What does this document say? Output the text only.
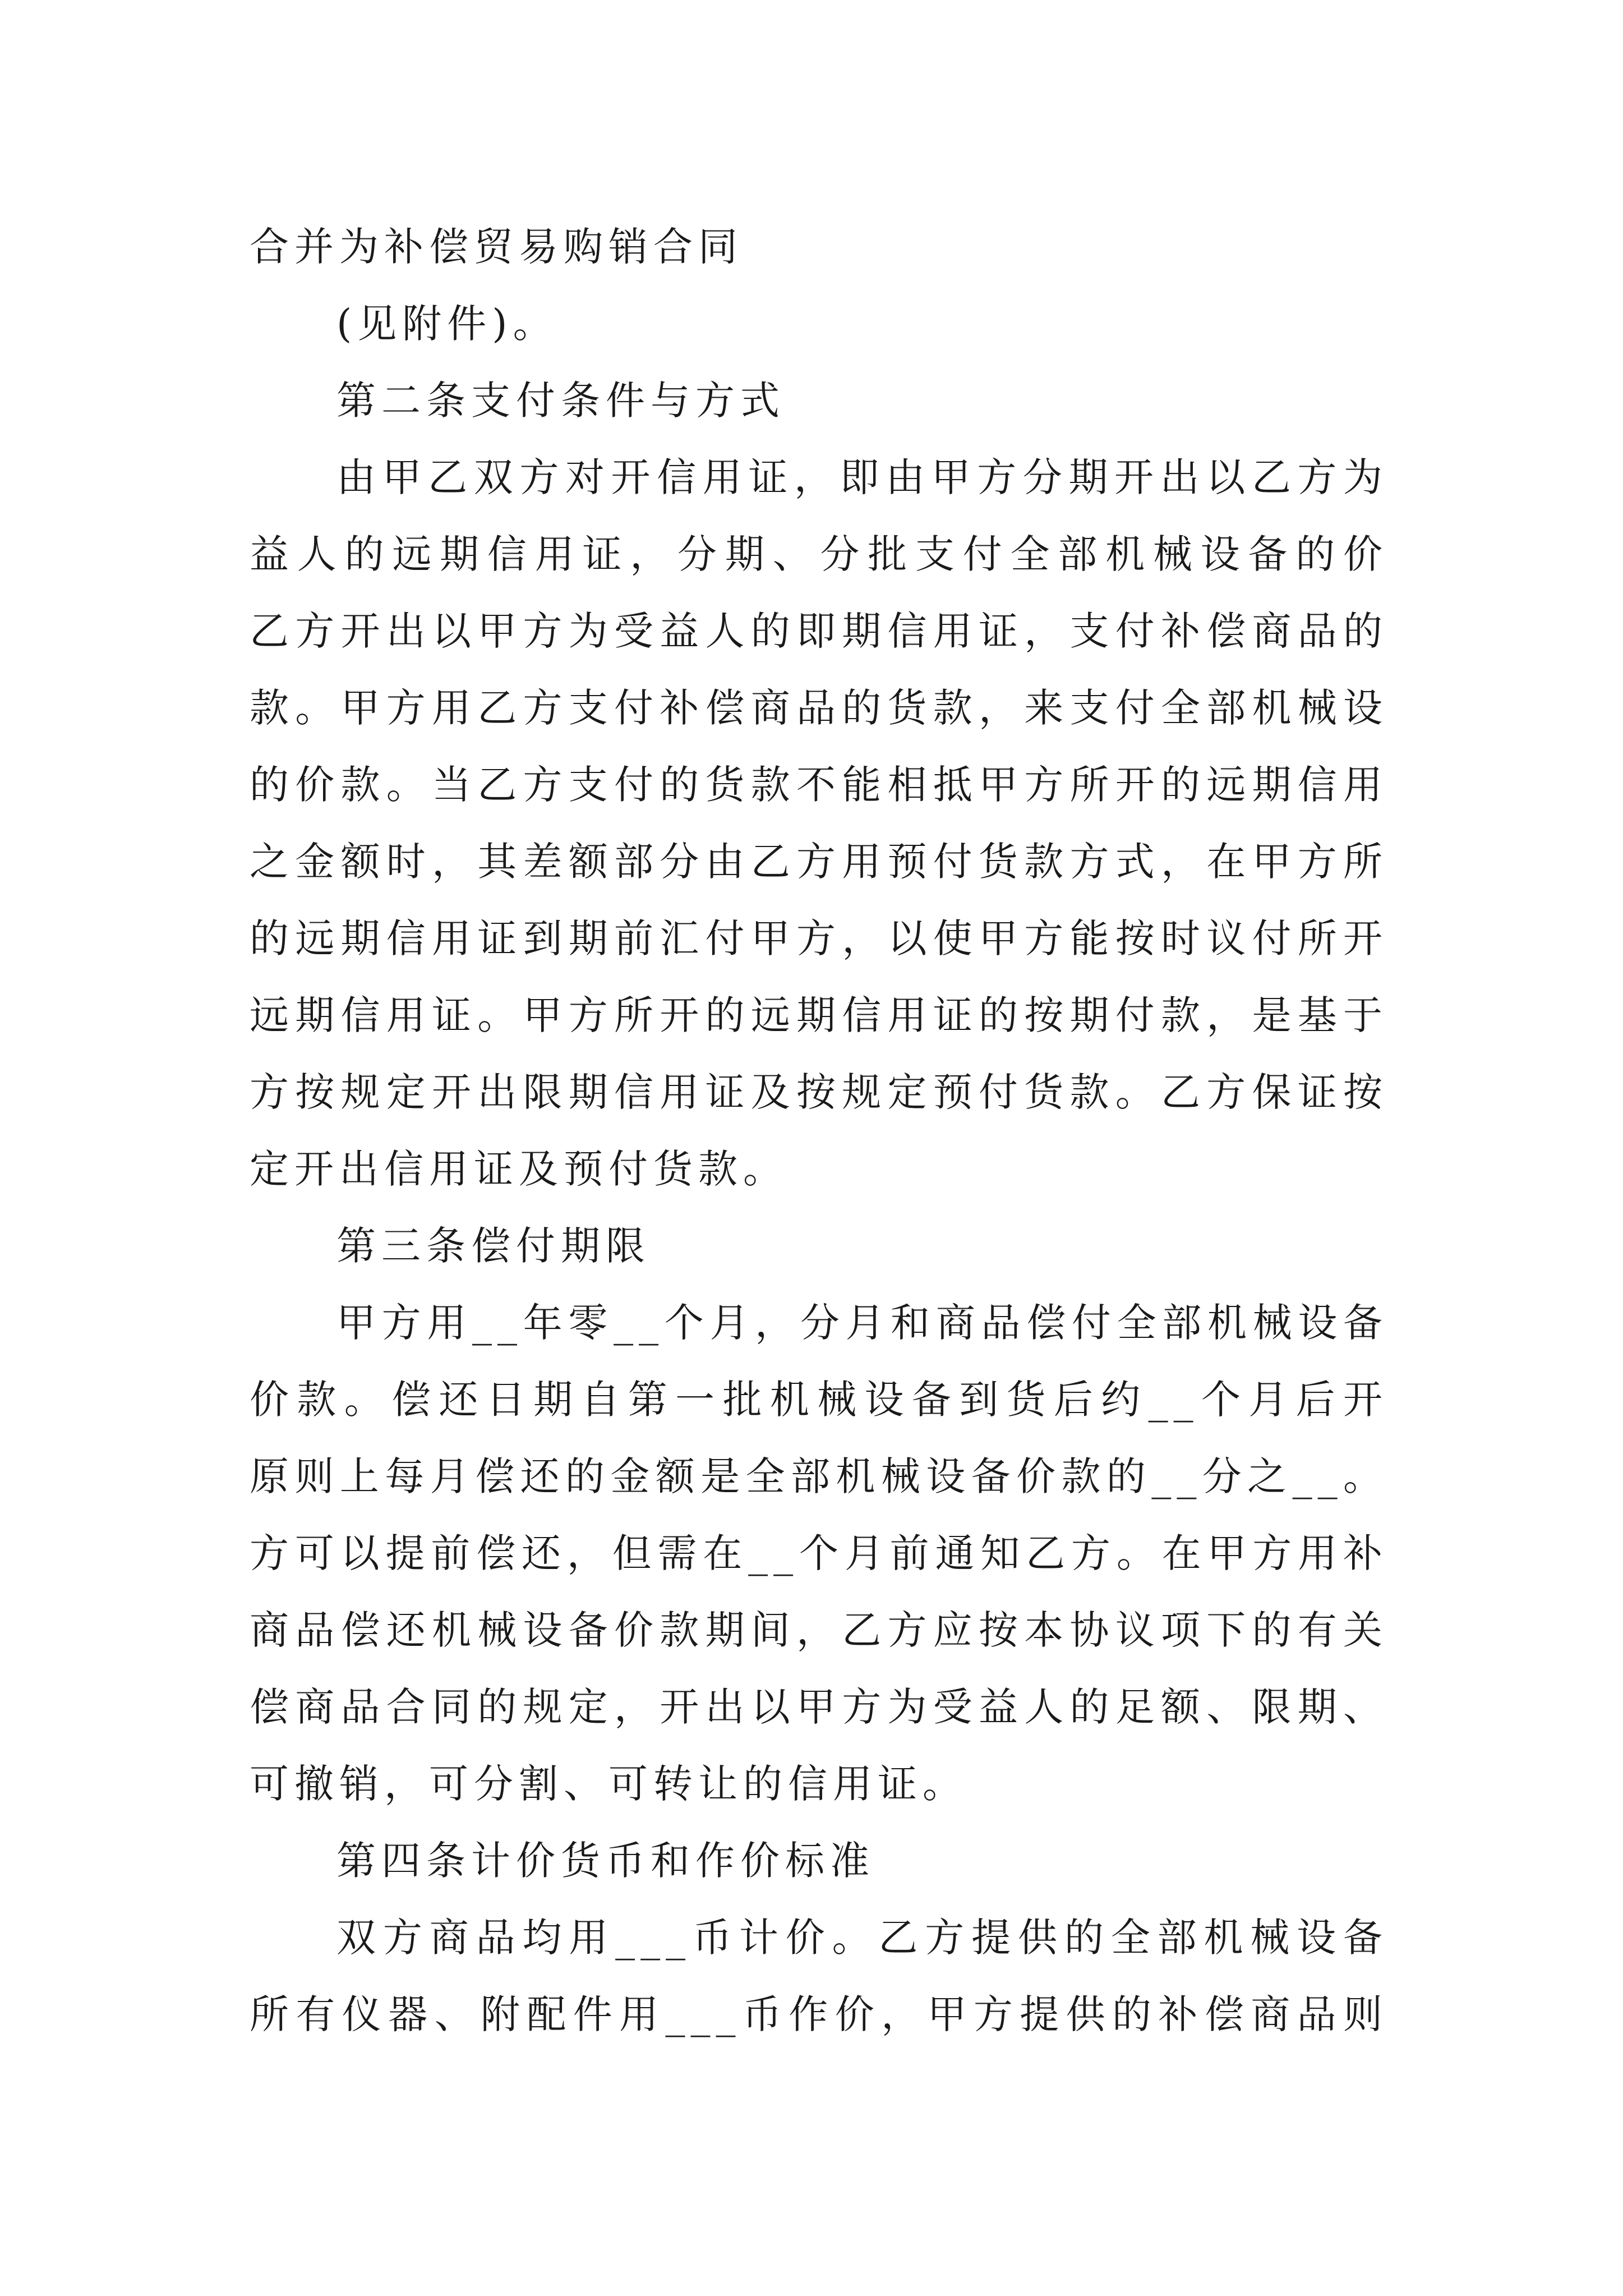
合并为补偿贸易购销合同
(见附件)。
第二条支付条件与方式
由甲乙双方对开信用证，即由甲方分期开出以乙方为
益人的远期信用证，分期、分批支付全部机械设备的价
乙方开出以甲方为受益人的即期信用证，支付补偿商品的
款。甲方用乙方支付补偿商品的货款，来支付全部机械设
的价款。当乙方支付的货款不能相抵甲方所开的远期信用
之金额时，其差额部分由乙方用预付货款方式，在甲方所
的远期信用证到期前汇付甲方，以使甲方能按时议付所开
远期信用证。甲方所开的远期信用证的按期付款，是基于
方按规定开出限期信用证及按规定预付货款。乙方保证按
定开出信用证及预付货款。
第三条偿付期限
甲方用__年零__个月，分月和商品偿付全部机械设备
价款。偿还日期自第一批机械设备到货后约__个月后开
原则上每月偿还的金额是全部机械设备价款的__分之__。
方可以提前偿还，但需在__个月前通知乙方。在甲方用补
商品偿还机械设备价款期间，乙方应按本协议项下的有关
偿商品合同的规定，开出以甲方为受益人的足额、限期、
可撤销，可分割、可转让的信用证。
第四条计价货币和作价标准
双方商品均用___币计价。乙方提供的全部机械设备
所有仪器、附配件用___币作价，甲方提供的补偿商品则
